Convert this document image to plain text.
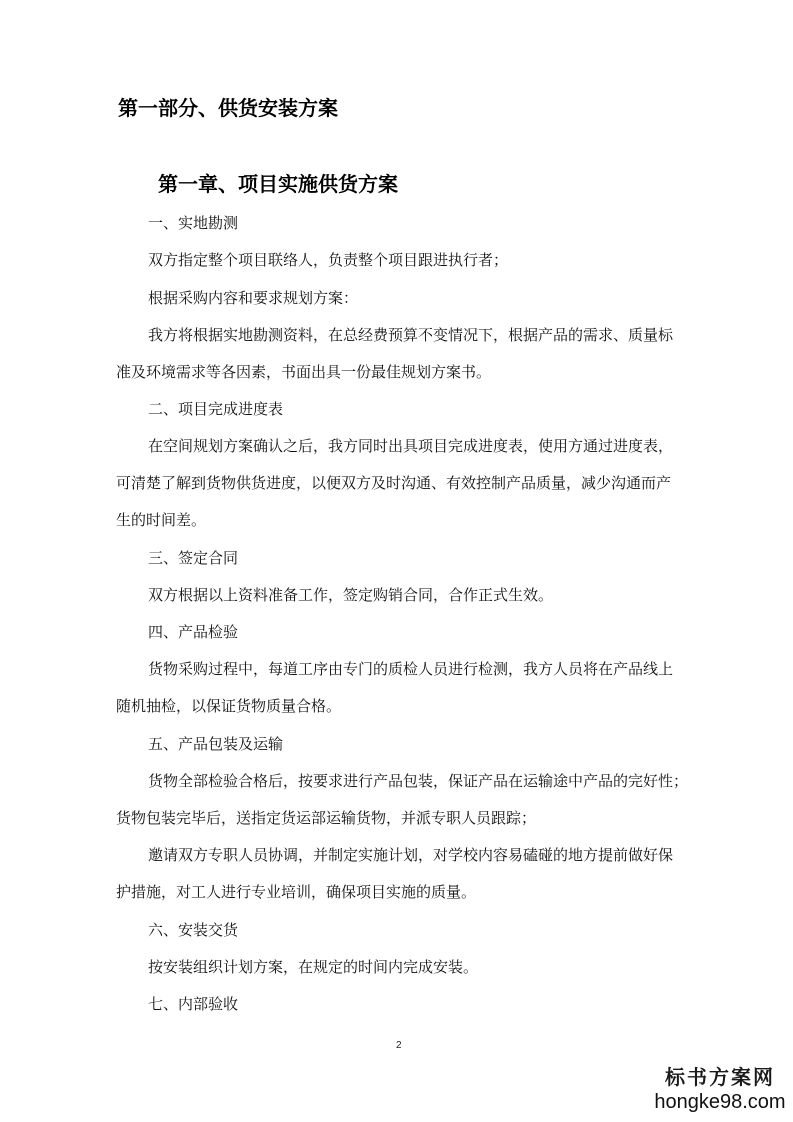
第一部分、供货安装方案
第一章、项目实施供货方案
一、实地勘测
双方指定整个项目联络人，负责整个项目跟进执行者；
根据采购内容和要求规划方案：
我方将根据实地勘测资料，在总经费预算不变情况下，根据产品的需求、质量标
准及环境需求等各因素，书面出具一份最佳规划方案书。
二、项目完成进度表
在空间规划方案确认之后，我方同时出具项目完成进度表，使用方通过进度表，
可清楚了解到货物供货进度，以便双方及时沟通、有效控制产品质量，减少沟通而产
生的时间差。
三、签定合同
双方根据以上资料准备工作，签定购销合同，合作正式生效。
四、产品检验
货物采购过程中，每道工序由专门的质检人员进行检测，我方人员将在产品线上
随机抽检，以保证货物质量合格。
五、产品包装及运输
货物全部检验合格后，按要求进行产品包装，保证产品在运输途中产品的完好性；
货物包装完毕后，送指定货运部运输货物，并派专职人员跟踪；
邀请双方专职人员协调，并制定实施计划，对学校内容易磕碰的地方提前做好保
护措施，对工人进行专业培训，确保项目实施的质量。
六、安装交货
按安装组织计划方案，在规定的时间内完成安装。
七、内部验收
2
标书方案网
hongke98.com
